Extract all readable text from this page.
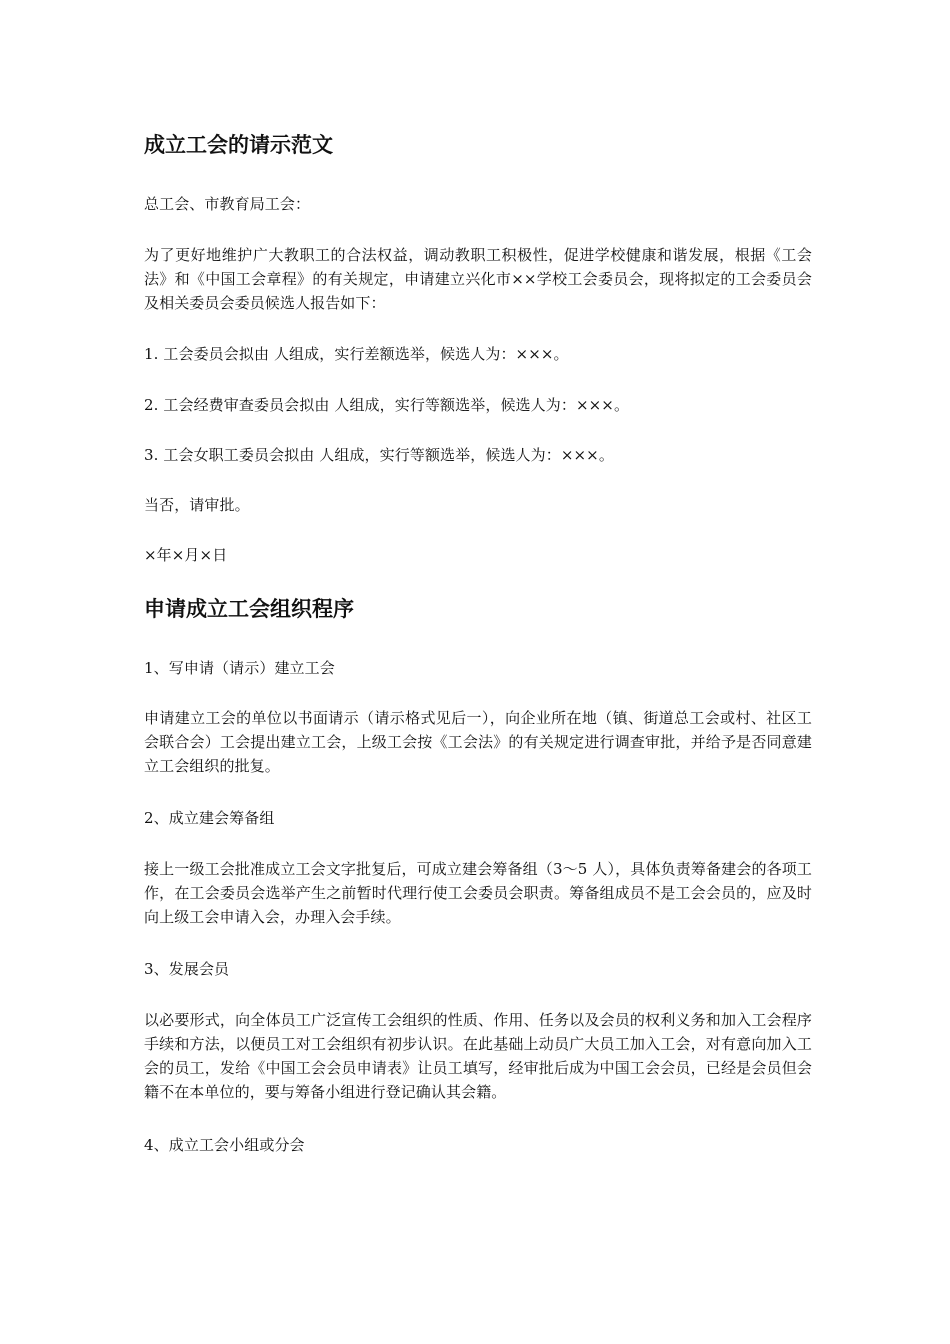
成立工会的请示范文

总工会、市教育局工会：

为了更好地维护广大教职工的合法权益，调动教职工积极性，促进学校健康和谐发展，根据《工会法》和《中国工会章程》的有关规定，申请建立兴化市××学校工会委员会，现将拟定的工会委员会及相关委员会委员候选人报告如下：

1. 工会委员会拟由 人组成，实行差额选举，候选人为：×××。

2. 工会经费审查委员会拟由 人组成，实行等额选举，候选人为：×××。

3. 工会女职工委员会拟由 人组成，实行等额选举，候选人为：×××。

当否，请审批。

×年×月×日

申请成立工会组织程序

1、写申请（请示）建立工会

申请建立工会的单位以书面请示（请示格式见后一），向企业所在地（镇、街道总工会或村、社区工会联合会）工会提出建立工会，上级工会按《工会法》的有关规定进行调查审批，并给予是否同意建立工会组织的批复。

2、成立建会筹备组

接上一级工会批准成立工会文字批复后，可成立建会筹备组（3～5 人），具体负责筹备建会的各项工作，在工会委员会选举产生之前暂时代理行使工会委员会职责。筹备组成员不是工会会员的，应及时向上级工会申请入会，办理入会手续。

3、发展会员

以必要形式，向全体员工广泛宣传工会组织的性质、作用、任务以及会员的权利义务和加入工会程序手续和方法，以便员工对工会组织有初步认识。在此基础上动员广大员工加入工会，对有意向加入工会的员工，发给《中国工会会员申请表》让员工填写，经审批后成为中国工会会员，已经是会员但会籍不在本单位的，要与筹备小组进行登记确认其会籍。

4、成立工会小组或分会
